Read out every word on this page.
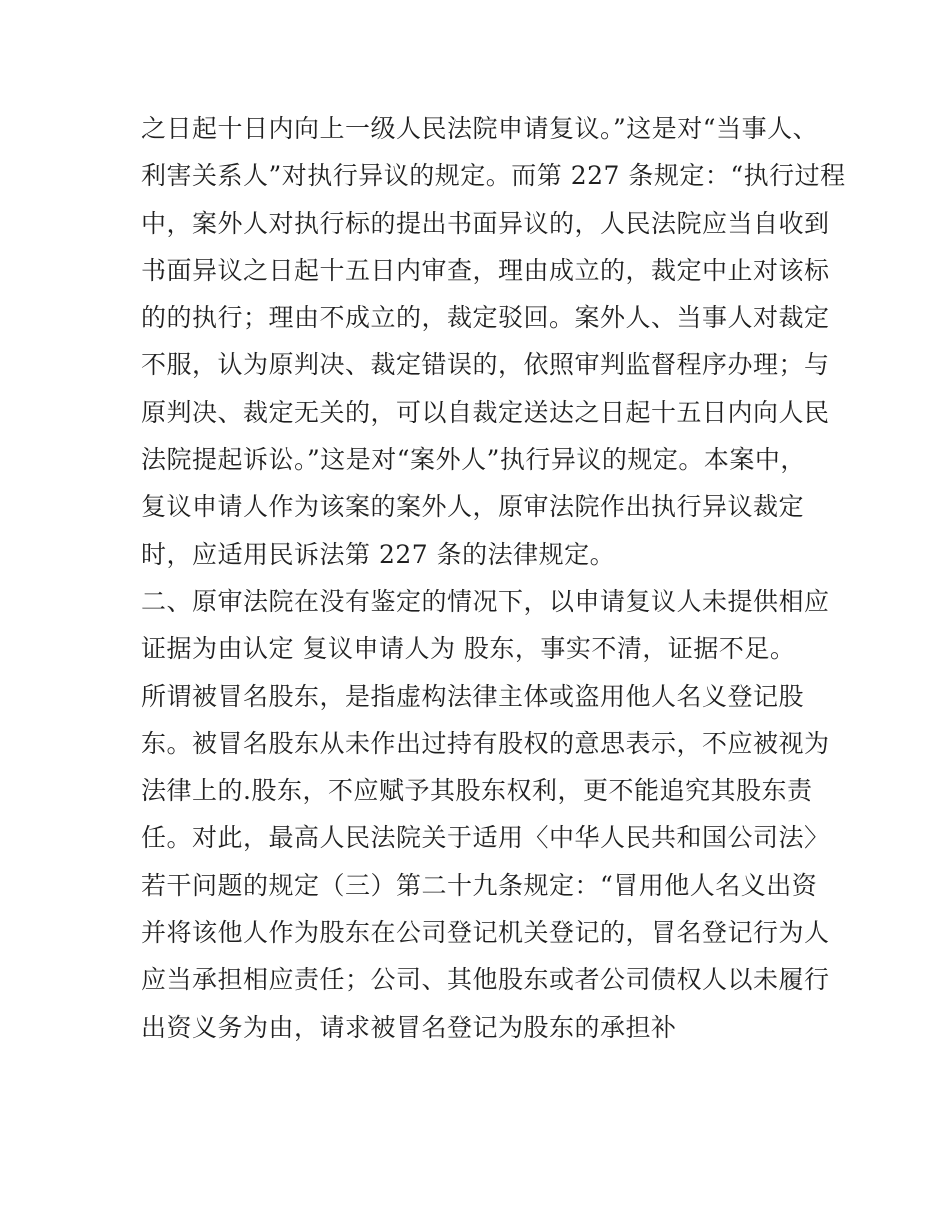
之日起十日内向上一级人民法院申请复议。”这是对“当事人、
利害关系人”对执行异议的规定。而第 227 条规定：“执行过程
中，案外人对执行标的提出书面异议的，人民法院应当自收到
书面异议之日起十五日内审查，理由成立的，裁定中止对该标
的的执行；理由不成立的，裁定驳回。案外人、当事人对裁定
不服，认为原判决、裁定错误的，依照审判监督程序办理；与
原判决、裁定无关的，可以自裁定送达之日起十五日内向人民
法院提起诉讼。”这是对“案外人”执行异议的规定。本案中，
复议申请人作为该案的案外人，原审法院作出执行异议裁定
时，应适用民诉法第 227 条的法律规定。
二、原审法院在没有鉴定的情况下，以申请复议人未提供相应
证据为由认定 复议申请人为 股东，事实不清，证据不足。
所谓被冒名股东，是指虚构法律主体或盗用他人名义登记股
东。被冒名股东从未作出过持有股权的意思表示，不应被视为
法律上的.股东，不应赋予其股东权利，更不能追究其股东责
任。对此，最高人民法院关于适用〈中华人民共和国公司法〉
若干问题的规定（三）第二十九条规定：“冒用他人名义出资
并将该他人作为股东在公司登记机关登记的，冒名登记行为人
应当承担相应责任；公司、其他股东或者公司债权人以未履行
出资义务为由，请求被冒名登记为股东的承担补
